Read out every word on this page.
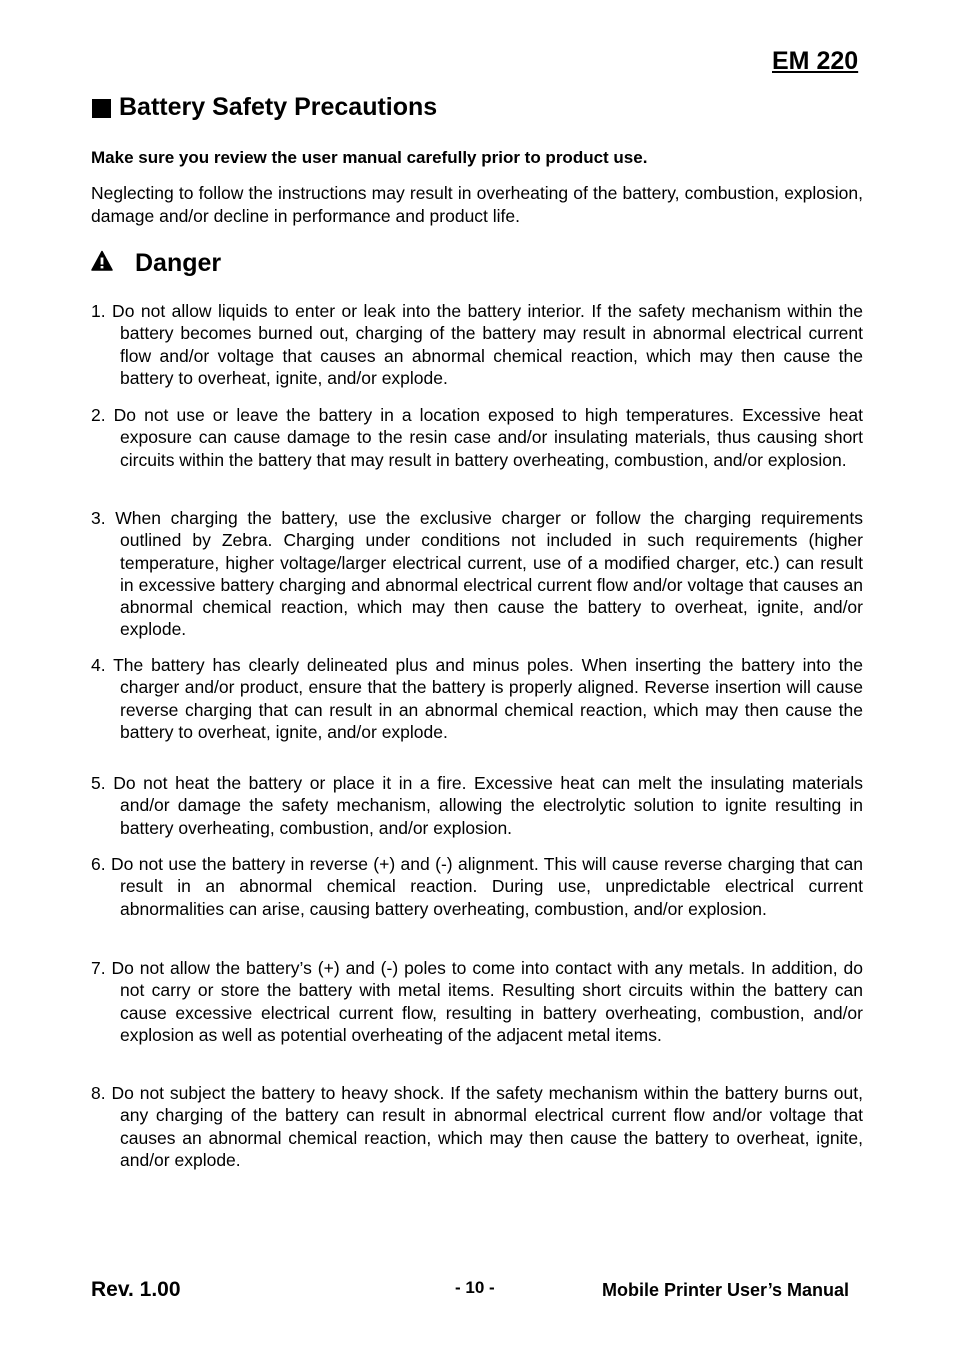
EM 220
Battery Safety Precautions
Make sure you review the user manual carefully prior to product use.
Neglecting to follow the instructions may result in overheating of the battery, combustion, explosion, damage and/or decline in performance and product life.
Danger
1. Do not allow liquids to enter or leak into the battery interior. If the safety mechanism within the battery becomes burned out, charging of the battery may result in abnormal electrical current flow and/or voltage that causes an abnormal chemical reaction, which may then cause the battery to overheat, ignite, and/or explode.
2. Do not use or leave the battery in a location exposed to high temperatures. Excessive heat exposure can cause damage to the resin case and/or insulating materials, thus causing short circuits within the battery that may result in battery overheating, combustion, and/or explosion.
3. When charging the battery, use the exclusive charger or follow the charging requirements outlined by Zebra. Charging under conditions not included in such requirements (higher temperature, higher voltage/larger electrical current, use of a modified charger, etc.) can result in excessive battery charging and abnormal electrical current flow and/or voltage that causes an abnormal chemical reaction, which may then cause the battery to overheat, ignite, and/or explode.
4. The battery has clearly delineated plus and minus poles. When inserting the battery into the charger and/or product, ensure that the battery is properly aligned. Reverse insertion will cause reverse charging that can result in an abnormal chemical reaction, which may then cause the battery to overheat, ignite, and/or explode.
5. Do not heat the battery or place it in a fire. Excessive heat can melt the insulating materials and/or damage the safety mechanism, allowing the electrolytic solution to ignite resulting in battery overheating, combustion, and/or explosion.
6. Do not use the battery in reverse (+) and (-) alignment. This will cause reverse charging that can result in an abnormal chemical reaction. During use, unpredictable electrical current abnormalities can arise, causing battery overheating, combustion, and/or explosion.
7. Do not allow the battery’s (+) and (-) poles to come into contact with any metals. In addition, do not carry or store the battery with metal items. Resulting short circuits within the battery can cause excessive electrical current flow, resulting in battery overheating, combustion, and/or explosion as well as potential overheating of the adjacent metal items.
8. Do not subject the battery to heavy shock. If the safety mechanism within the battery burns out, any charging of the battery can result in abnormal electrical current flow and/or voltage that causes an abnormal chemical reaction, which may then cause the battery to overheat, ignite, and/or explode.
Rev. 1.00	- 10 -	Mobile Printer User’s Manual
